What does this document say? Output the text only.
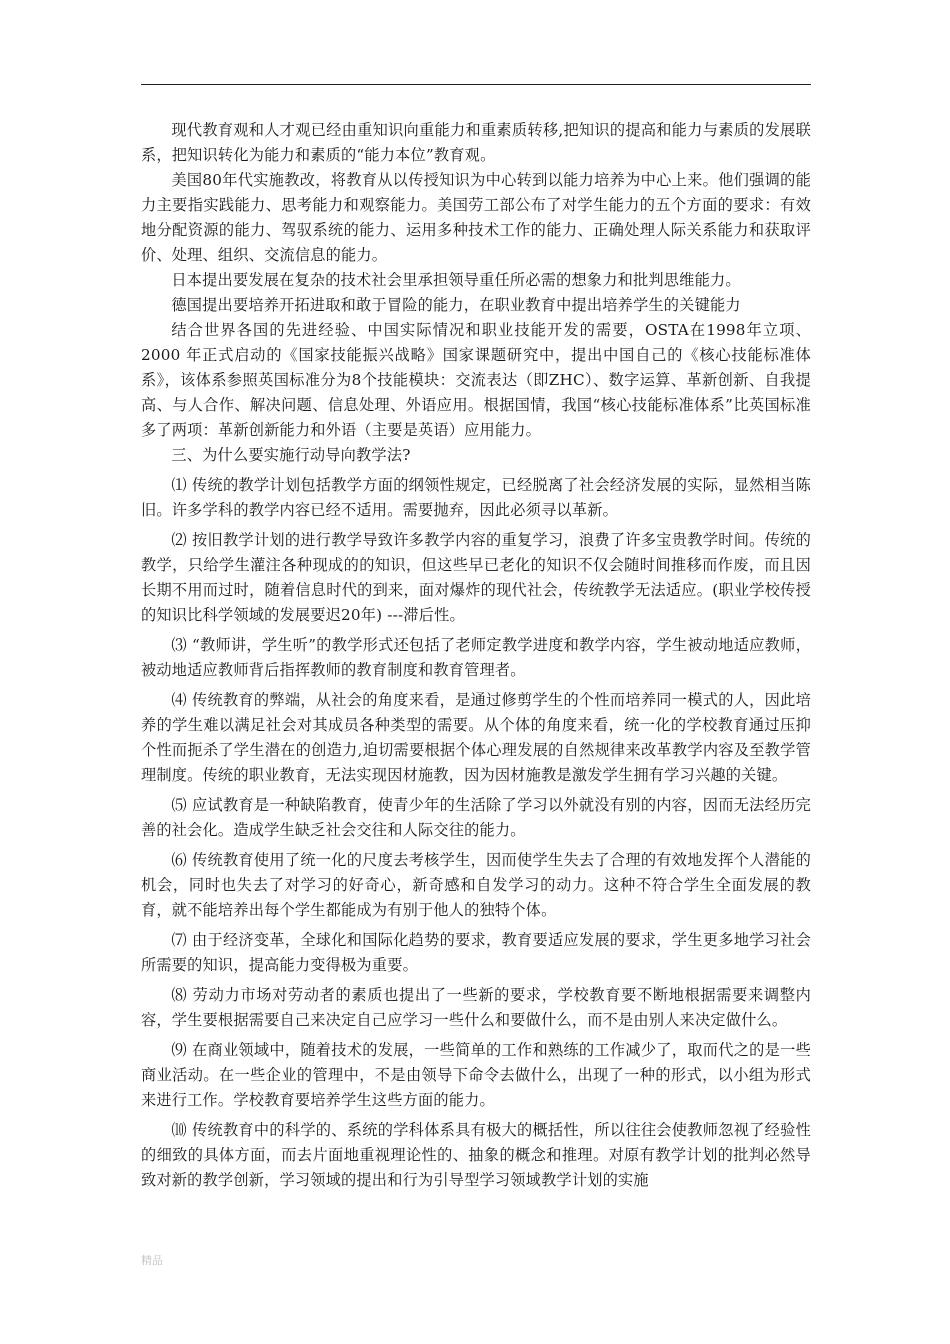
现代教育观和人才观已经由重知识向重能力和重素质转移,把知识的提高和能力与素质的发展联系，把知识转化为能力和素质的“能力本位”教育观。

美国80年代实施教改，将教育从以传授知识为中心转到以能力培养为中心上来。他们强调的能力主要指实践能力、思考能力和观察能力。美国劳工部公布了对学生能力的五个方面的要求：有效地分配资源的能力、驾驭系统的能力、运用多种技术工作的能力、正确处理人际关系能力和获取评价、处理、组织、交流信息的能力。

日本提出要发展在复杂的技术社会里承担领导重任所必需的想象力和批判思维能力。

德国提出要培养开拓进取和敢于冒险的能力，在职业教育中提出培养学生的关键能力

结合世界各国的先进经验、中国实际情况和职业技能开发的需要，OSTA在1998年立项、2000 年正式启动的《国家技能振兴战略》国家课题研究中，提出中国自己的《核心技能标准体系》，该体系参照英国标准分为8个技能模块：交流表达（即ZHC）、数字运算、革新创新、自我提高、与人合作、解决问题、信息处理、外语应用。根据国情，我国“核心技能标准体系”比英国标准多了两项：革新创新能力和外语（主要是英语）应用能力。

三、为什么要实施行动导向教学法?

⑴ 传统的教学计划包括教学方面的纲领性规定，已经脱离了社会经济发展的实际，显然相当陈旧。许多学科的教学内容已经不适用。需要抛弃，因此必须寻以革新。

⑵ 按旧教学计划的进行教学导致许多教学内容的重复学习，浪费了许多宝贵教学时间。传统的教学，只给学生灌注各种现成的的知识，但这些早已老化的知识不仅会随时间推移而作废，而且因长期不用而过时，随着信息时代的到来，面对爆炸的现代社会，传统教学无法适应。(职业学校传授的知识比科学领域的发展要迟20年) ---滞后性。

⑶ “教师讲，学生听”的教学形式还包括了老师定教学进度和教学内容，学生被动地适应教师，被动地适应教师背后指挥教师的教育制度和教育管理者。

⑷ 传统教育的弊端，从社会的角度来看，是通过修剪学生的个性而培养同一模式的人，因此培养的学生难以满足社会对其成员各种类型的需要。从个体的角度来看，统一化的学校教育通过压抑个性而扼杀了学生潜在的创造力,迫切需要根据个体心理发展的自然规律来改革教学内容及至教学管理制度。传统的职业教育，无法实现因材施教，因为因材施教是激发学生拥有学习兴趣的关键。

⑸ 应试教育是一种缺陷教育，使青少年的生活除了学习以外就没有别的内容，因而无法经历完善的社会化。造成学生缺乏社会交往和人际交往的能力。

⑹ 传统教育使用了统一化的尺度去考核学生，因而使学生失去了合理的有效地发挥个人潜能的机会，同时也失去了对学习的好奇心，新奇感和自发学习的动力。这种不符合学生全面发展的教育，就不能培养出每个学生都能成为有别于他人的独特个体。

⑺ 由于经济变革，全球化和国际化趋势的要求，教育要适应发展的要求，学生更多地学习社会所需要的知识，提高能力变得极为重要。

⑻ 劳动力市场对劳动者的素质也提出了一些新的要求，学校教育要不断地根据需要来调整内容，学生要根据需要自己来决定自己应学习一些什么和要做什么，而不是由别人来决定做什么。

⑼ 在商业领域中，随着技术的发展，一些简单的工作和熟练的工作减少了，取而代之的是一些商业活动。在一些企业的管理中，不是由领导下命令去做什么，出现了一种的形式，以小组为形式来进行工作。学校教育要培养学生这些方面的能力。

⑽ 传统教育中的科学的、系统的学科体系具有极大的概括性，所以往往会使教师忽视了经验性的细致的具体方面，而去片面地重视理论性的、抽象的概念和推理。对原有教学计划的批判必然导致对新的教学创新，学习领域的提出和行为引导型学习领域教学计划的实施

精品
